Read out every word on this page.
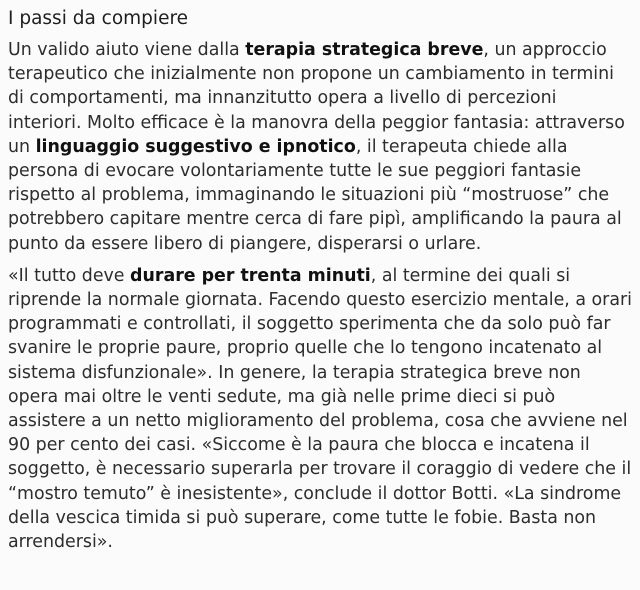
I passi da compiere

Un valido aiuto viene dalla terapia strategica breve, un approccio terapeutico che inizialmente non propone un cambiamento in termini di comportamenti, ma innanzitutto opera a livello di percezioni interiori. Molto efficace è la manovra della peggior fantasia: attraverso un linguaggio suggestivo e ipnotico, il terapeuta chiede alla persona di evocare volontariamente tutte le sue peggiori fantasie rispetto al problema, immaginando le situazioni più “mostruose” che potrebbero capitare mentre cerca di fare pipì, amplificando la paura al punto da essere libero di piangere, disperarsi o urlare.

«Il tutto deve durare per trenta minuti, al termine dei quali si riprende la normale giornata. Facendo questo esercizio mentale, a orari programmati e controllati, il soggetto sperimenta che da solo può far svanire le proprie paure, proprio quelle che lo tengono incatenato al sistema disfunzionale». In genere, la terapia strategica breve non opera mai oltre le venti sedute, ma già nelle prime dieci si può assistere a un netto miglioramento del problema, cosa che avviene nel 90 per cento dei casi. «Siccome è la paura che blocca e incatena il soggetto, è necessario superarla per trovare il coraggio di vedere che il “mostro temuto” è inesistente», conclude il dottor Botti. «La sindrome della vescica timida si può superare, come tutte le fobie. Basta non arrendersi».
